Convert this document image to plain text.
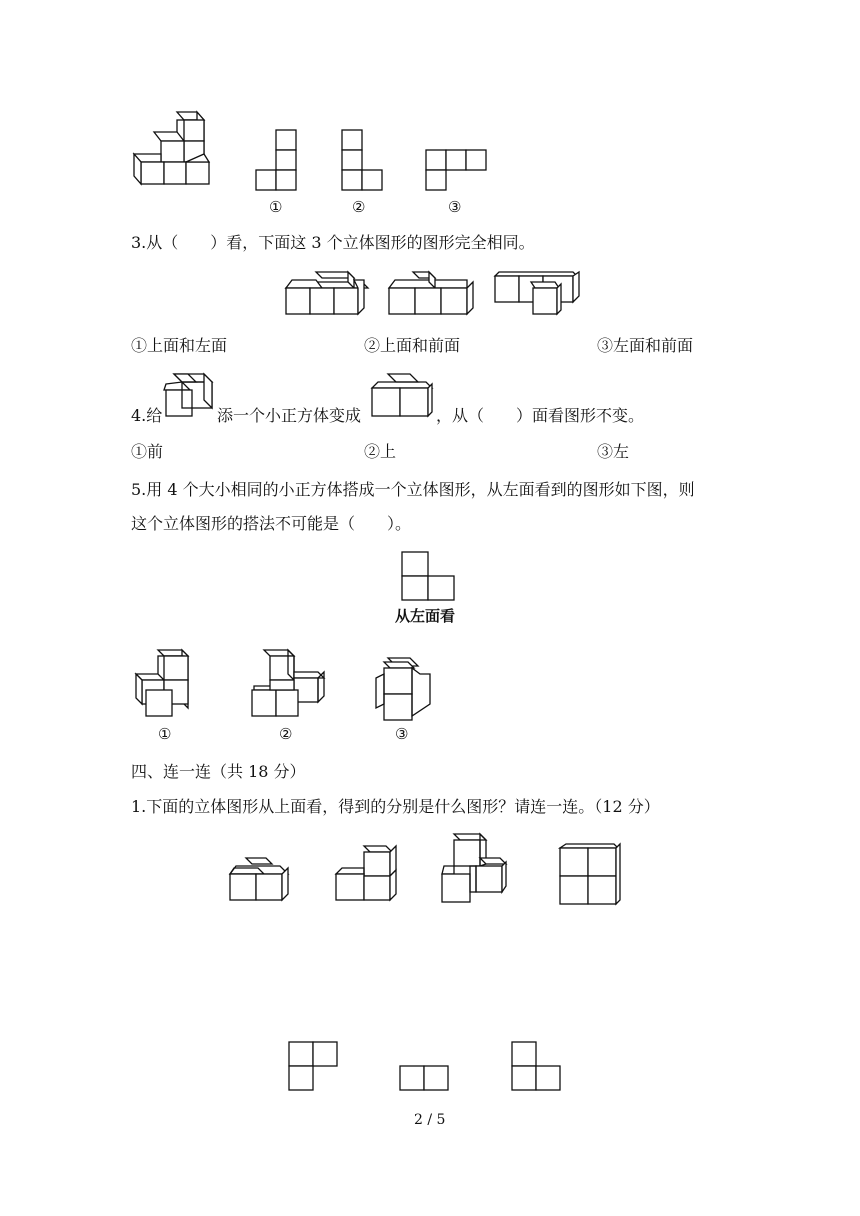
①	②	③
3.从（　　）看，下面这 3 个立体图形的图形完全相同。
①上面和左面	②上面和前面	③左面和前面
4.给	添一个小正方体变成	，从（　　）面看图形不变。
①前	②上	③左
5.用 4 个大小相同的小正方体搭成一个立体图形，从左面看到的图形如下图，则
这个立体图形的搭法不可能是（　　）。
从左面看
①	②	③
四、连一连（共 18 分）
1.下面的立体图形从上面看，得到的分别是什么图形？请连一连。（12 分）
2 / 5
